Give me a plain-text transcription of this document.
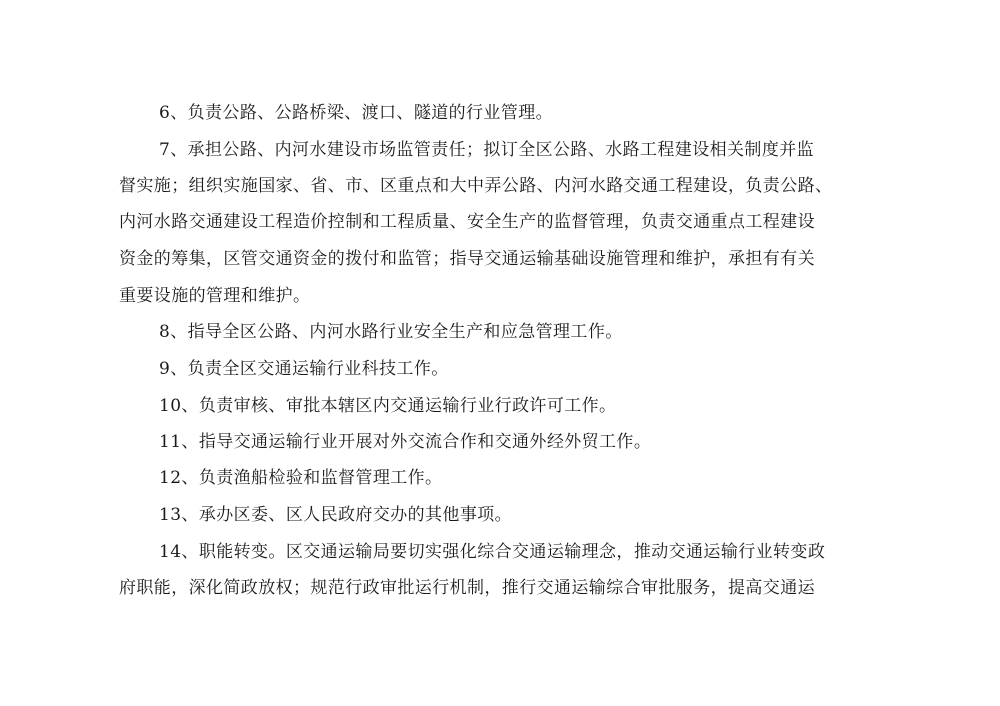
6、负责公路、公路桥梁、渡口、隧道的行业管理。
7、承担公路、内河水建设市场监管责任；拟订全区公路、水路工程建设相关制度并监
督实施；组织实施国家、省、市、区重点和大中弄公路、内河水路交通工程建设，负责公路、
内河水路交通建设工程造价控制和工程质量、安全生产的监督管理，负责交通重点工程建设
资金的筹集，区管交通资金的拨付和监管；指导交通运输基础设施管理和维护，承担有有关
重要设施的管理和维护。
8、指导全区公路、内河水路行业安全生产和应急管理工作。
9、负责全区交通运输行业科技工作。
10、负责审核、审批本辖区内交通运输行业行政许可工作。
11、指导交通运输行业开展对外交流合作和交通外经外贸工作。
12、负责渔船检验和监督管理工作。
13、承办区委、区人民政府交办的其他事项。
14、职能转变。区交通运输局要切实强化综合交通运输理念，推动交通运输行业转变政
府职能，深化简政放权；规范行政审批运行机制，推行交通运输综合审批服务，提高交通运
